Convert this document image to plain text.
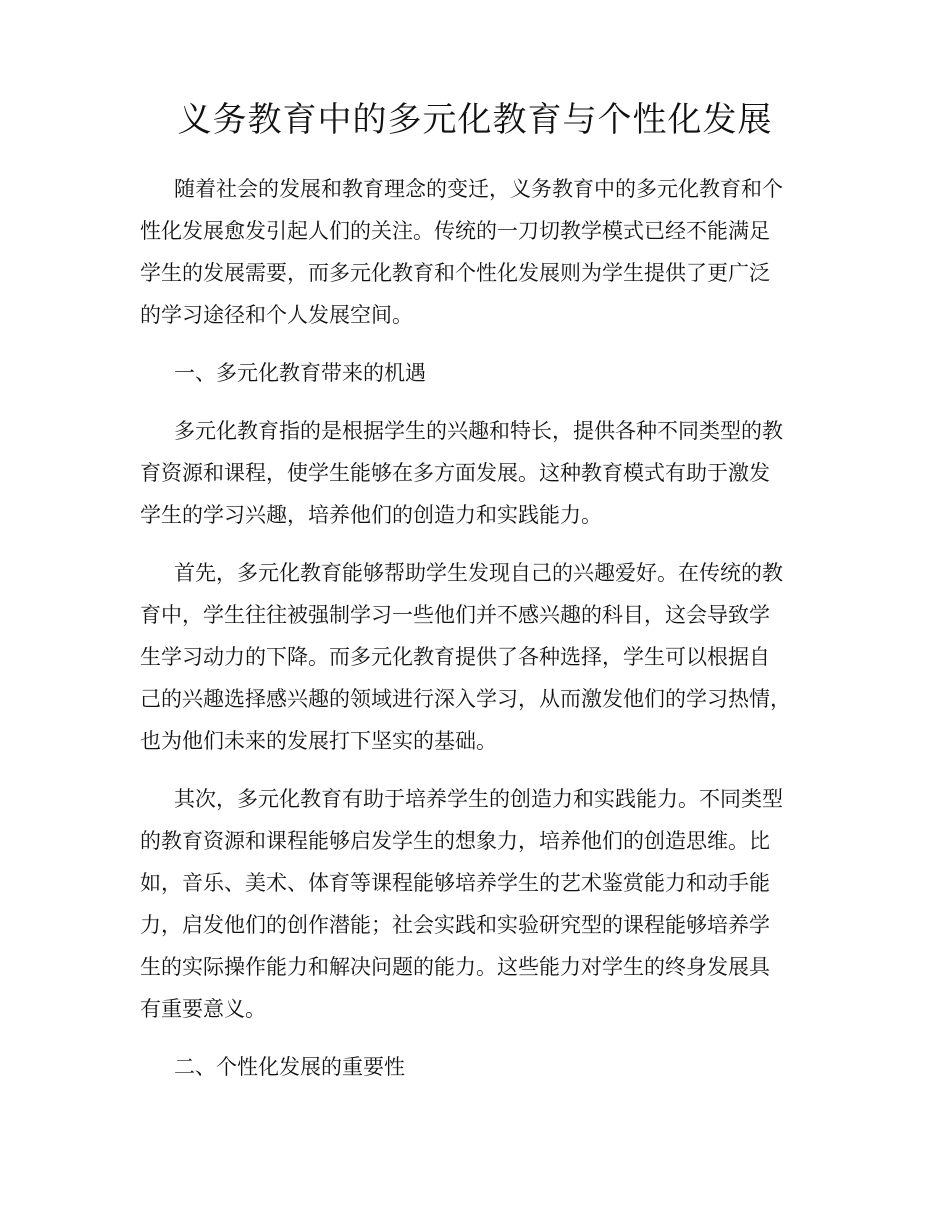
义务教育中的多元化教育与个性化发展

随着社会的发展和教育理念的变迁，义务教育中的多元化教育和个

性化发展愈发引起人们的关注。传统的一刀切教学模式已经不能满足

学生的发展需要，而多元化教育和个性化发展则为学生提供了更广泛

的学习途径和个人发展空间。

一、多元化教育带来的机遇

多元化教育指的是根据学生的兴趣和特长，提供各种不同类型的教

育资源和课程，使学生能够在多方面发展。这种教育模式有助于激发

学生的学习兴趣，培养他们的创造力和实践能力。

首先，多元化教育能够帮助学生发现自己的兴趣爱好。在传统的教

育中，学生往往被强制学习一些他们并不感兴趣的科目，这会导致学

生学习动力的下降。而多元化教育提供了各种选择，学生可以根据自

己的兴趣选择感兴趣的领域进行深入学习，从而激发他们的学习热情，

也为他们未来的发展打下坚实的基础。

其次，多元化教育有助于培养学生的创造力和实践能力。不同类型

的教育资源和课程能够启发学生的想象力，培养他们的创造思维。比

如，音乐、美术、体育等课程能够培养学生的艺术鉴赏能力和动手能

力，启发他们的创作潜能；社会实践和实验研究型的课程能够培养学

生的实际操作能力和解决问题的能力。这些能力对学生的终身发展具

有重要意义。

二、个性化发展的重要性
